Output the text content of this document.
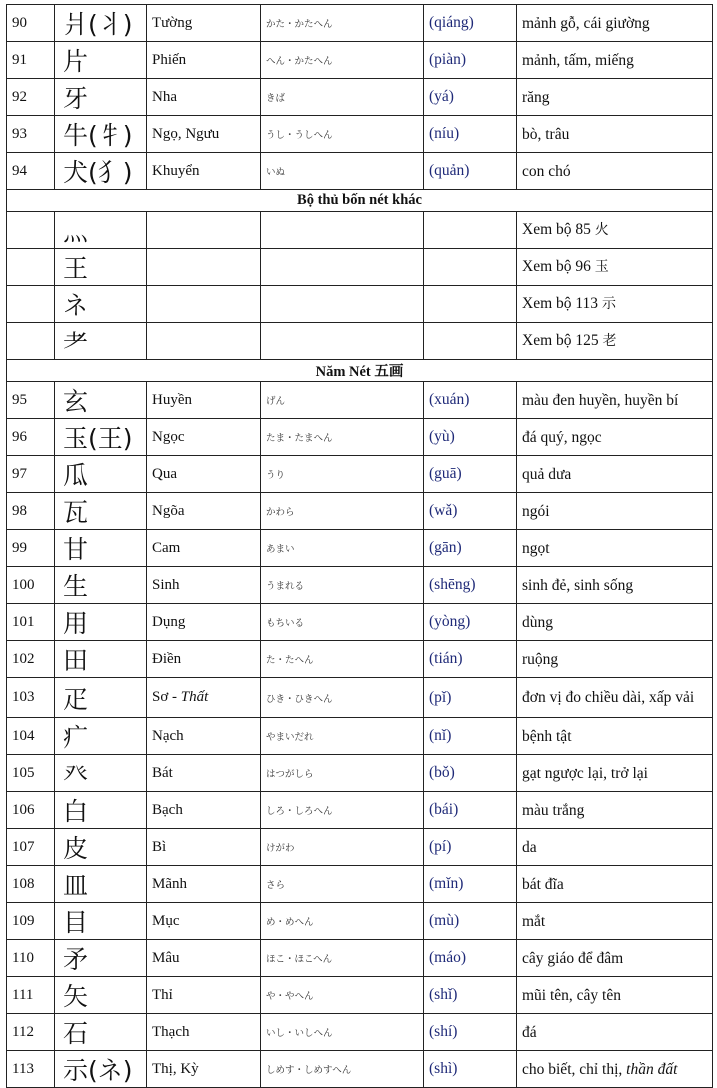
90	爿(丬)	Tường	かた・かたへん	(qiáng)	mảnh gỗ, cái giường
91	片	Phiến	へん・かたへん	(piàn)	mảnh, tấm, miếng
92	牙	Nha	きば	(yá)	răng
93	牛(牜)	Ngọ, Ngưu	うし・うしへん	(níu)	bò, trâu
94	犬(犭)	Khuyển	いぬ	(quản)	con chó
Bộ thủ bốn nét khác					
	灬				Xem bộ 85 火
	王				Xem bộ 96 玉
	ネ				Xem bộ 113 示
	耂				Xem bộ 125 老
Năm Nét 五画					
95	玄	Huyền	げん	(xuán)	màu đen huyền, huyền bí
96	玉(王)	Ngọc	たま・たまへん	(yù)	đá quý, ngọc
97	瓜	Qua	うり	(guā)	quả dưa
98	瓦	Ngõa	かわら	(wǎ)	ngói
99	甘	Cam	あまい	(gān)	ngọt
100	生	Sinh	うまれる	(shēng)	sinh đẻ, sinh sống
101	用	Dụng	もちいる	(yòng)	dùng
102	田	Điền	た・たへん	(tián)	ruộng
103	疋	Sơ - Thất	ひき・ひきへん	(pǐ)	đơn vị đo chiều dài, xấp vải
104	疒	Nạch	やまいだれ	(nǐ)	bệnh tật
105	癶	Bát	はつがしら	(bǒ)	gạt ngược lại, trở lại
106	白	Bạch	しろ・しろへん	(bái)	màu trắng
107	皮	Bì	けがわ	(pí)	da
108	皿	Mãnh	さら	(mǐn)	bát đĩa
109	目	Mục	め・めへん	(mù)	mắt
110	矛	Mâu	ほこ・ほこへん	(máo)	cây giáo để đâm
111	矢	Thỉ	や・やへん	(shǐ)	mũi tên, cây tên
112	石	Thạch	いし・いしへん	(shí)	đá
113	示(ネ)	Thị, Kỳ	しめす・しめすへん	(shì)	cho biết, chỉ thị, thần đất
